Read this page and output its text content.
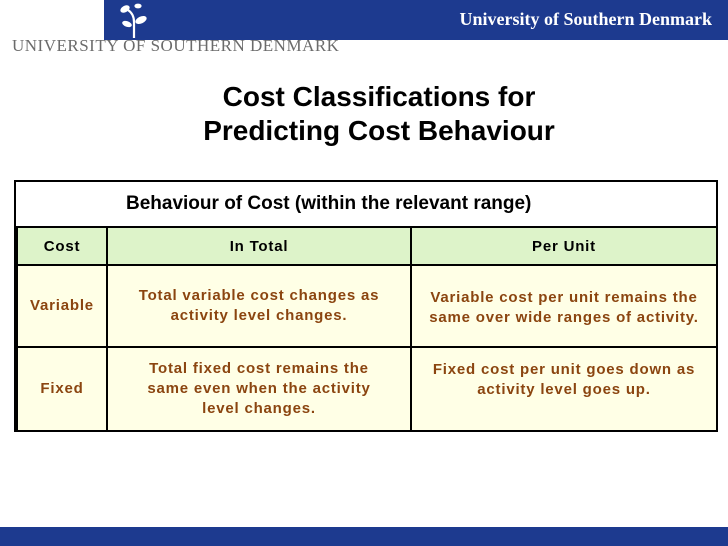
University of Southern Denmark
UNIVERSITY OF SOUTHERN DENMARK
Cost Classifications for
Predicting Cost Behaviour
Behaviour of Cost (within the relevant range)
Cost	In Total	Per Unit
Variable
Total variable cost changes as activity level changes.
Variable cost per unit remains the same over wide ranges of activity.
Fixed
Total fixed cost remains the same even when the activity level changes.
Fixed cost per unit goes down as activity level goes up.
